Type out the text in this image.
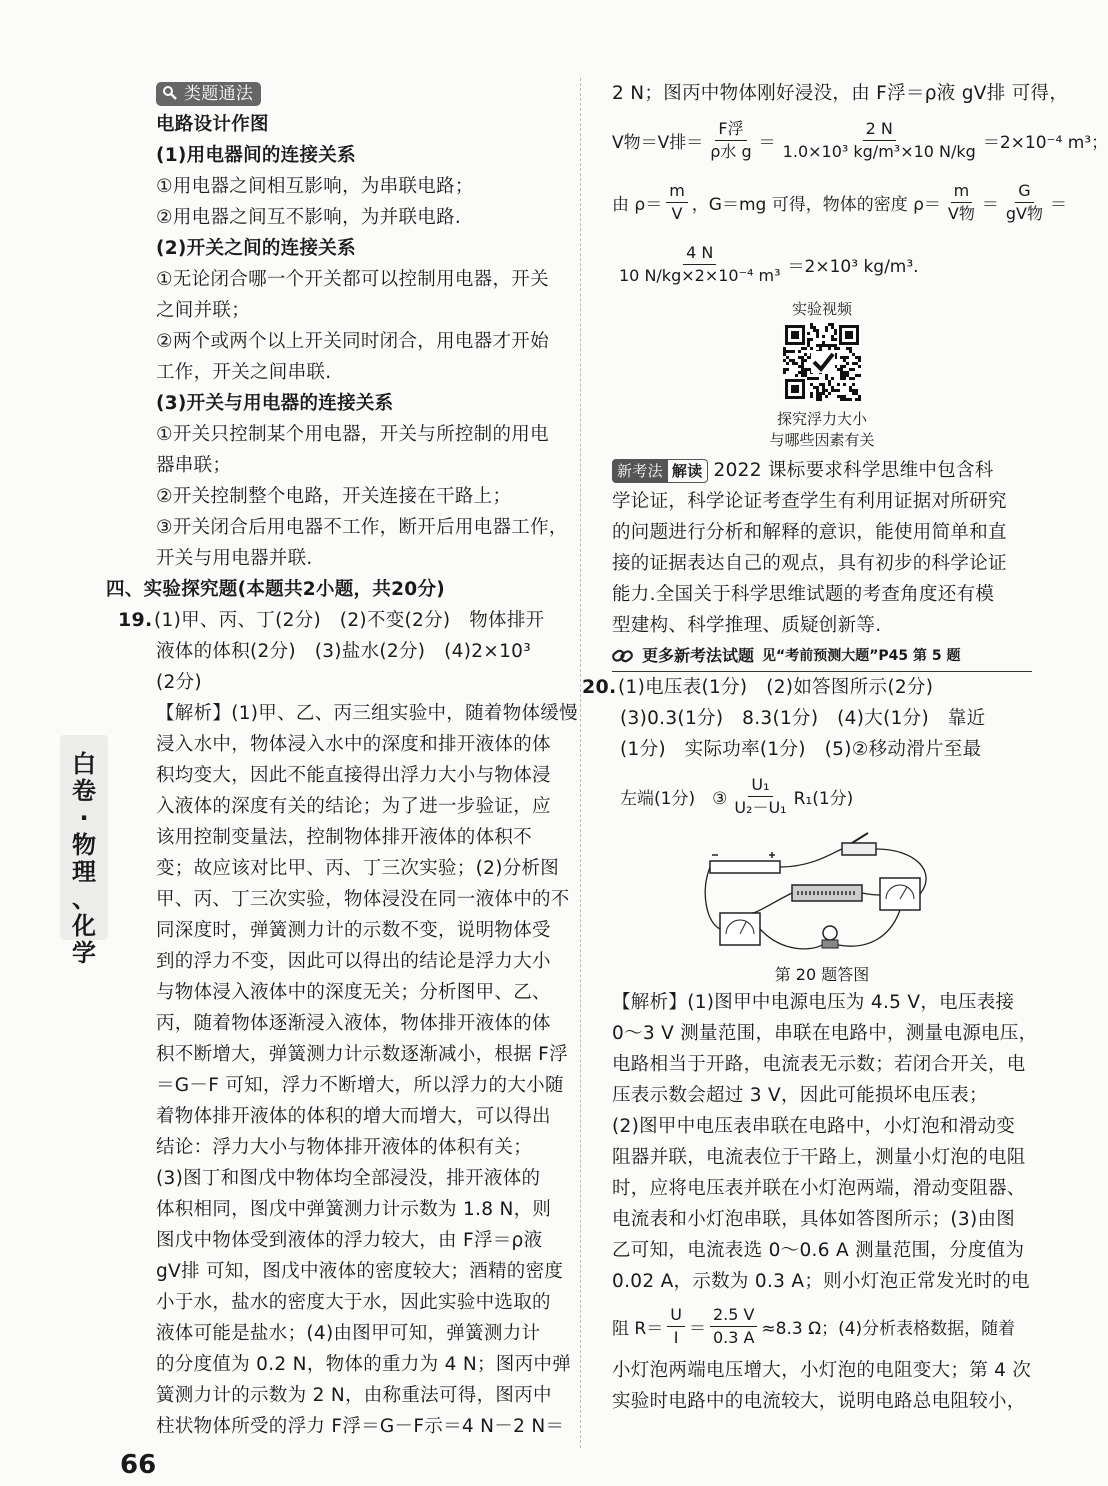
白
卷
·
物
理
、
化
学
类题通法
电路设计作图
(1)用电器间的连接关系
①用电器之间相互影响，为串联电路；
②用电器之间互不影响，为并联电路.
(2)开关之间的连接关系
①无论闭合哪一个开关都可以控制用电器，开关
之间并联；
②两个或两个以上开关同时闭合，用电器才开始
工作，开关之间串联.
(3)开关与用电器的连接关系
①开关只控制某个用电器，开关与所控制的用电
器串联；
②开关控制整个电路，开关连接在干路上；
③开关闭合后用电器不工作，断开后用电器工作，
开关与用电器并联.
四、实验探究题(本题共2小题，共20分)
19.(1)甲、丙、丁(2分)　(2)不变(2分)　物体排开
液体的体积(2分)　(3)盐水(2分)　(4)2×10³
(2分)
【解析】(1)甲、乙、丙三组实验中，随着物体缓慢
浸入水中，物体浸入水中的深度和排开液体的体
积均变大，因此不能直接得出浮力大小与物体浸
入液体的深度有关的结论；为了进一步验证，应
该用控制变量法，控制物体排开液体的体积不
变；故应该对比甲、丙、丁三次实验；(2)分析图
甲、丙、丁三次实验，物体浸没在同一液体中的不
同深度时，弹簧测力计的示数不变，说明物体受
到的浮力不变，因此可以得出的结论是浮力大小
与物体浸入液体中的深度无关；分析图甲、乙、
丙，随着物体逐渐浸入液体，物体排开液体的体
积不断增大，弹簧测力计示数逐渐减小，根据 F浮
＝G－F 可知，浮力不断增大，所以浮力的大小随
着物体排开液体的体积的增大而增大，可以得出
结论：浮力大小与物体排开液体的体积有关；
(3)图丁和图戊中物体均全部浸没，排开液体的
体积相同，图戊中弹簧测力计示数为 1.8 N，则
图戊中物体受到液体的浮力较大，由 F浮＝ρ液
gV排 可知，图戊中液体的密度较大；酒精的密度
小于水，盐水的密度大于水，因此实验中选取的
液体可能是盐水；(4)由图甲可知，弹簧测力计
的分度值为 0.2 N，物体的重力为 4 N；图丙中弹
簧测力计的示数为 2 N，由称重法可得，图丙中
柱状物体所受的浮力 F浮＝G－F示＝4 N－2 N＝
2 N；图丙中物体刚好浸没，由 F浮＝ρ液 gV排 可得，
V物＝V排＝ $\frac{\text{F浮}}{\text{ρ水 g}} = \frac{2 N}{\text{1.0×10³ kg/m³×10 N/kg}} =2\times 10^{-4}$ m³；
由 $\rho= \frac{m}{V}$ ，G＝mg 可得，物体的密度 $\rho= \frac{m}{\text{V物}} = \frac{G}{\text{gV物}}$ ＝
$\frac{4 N}{\text{10 N/kg×2×10⁻⁴ m³}} =2\times 10^3$ kg/m³.
实验视频
探究浮力大小
与哪些因素有关
新考法 解读 2022 课标要求科学思维中包含科
学论证，科学论证考查学生有利用证据对所研究
的问题进行分析和解释的意识，能使用简单和直
接的证据表达自己的观点，具有初步的科学论证
能力.全国关于科学思维试题的考查角度还有模
型建构、科学推理、质疑创新等.
更多新考法试题 见“考前预测大题”P45 第 5 题
20.(1)电压表(1分)　(2)如答图所示(2分)
(3)0.3(1分)　8.3(1分)　(4)大(1分)　靠近
(1分)　实际功率(1分)　(5)②移动滑片至最
左端(1分)　③ $\frac{\text{U₁}}{\text{U₂－U₁}} R_1(1$分)
第 20 题答图
【解析】(1)图甲中电源电压为 4.5 V，电压表接
0～3 V 测量范围，串联在电路中，测量电源电压，
电路相当于开路，电流表无示数；若闭合开关，电
压表示数会超过 3 V，因此可能损坏电压表；
(2)图甲中电压表串联在电路中，小灯泡和滑动变
阻器并联，电流表位于干路上，测量小灯泡的电阻
时，应将电压表并联在小灯泡两端，滑动变阻器、
电流表和小灯泡串联，具体如答图所示；(3)由图
乙可知，电流表选 0～0.6 A 测量范围，分度值为
0.02 A，示数为 0.3 A；则小灯泡正常发光时的电
阻 $R= \frac{U}{I} = \frac{2.5 V}{0.3 A} \approx 8.3$ Ω；(4)分析表格数据，随着
小灯泡两端电压增大，小灯泡的电阻变大；第 4 次
实验时电路中的电流较大，说明电路总电阻较小，
66
